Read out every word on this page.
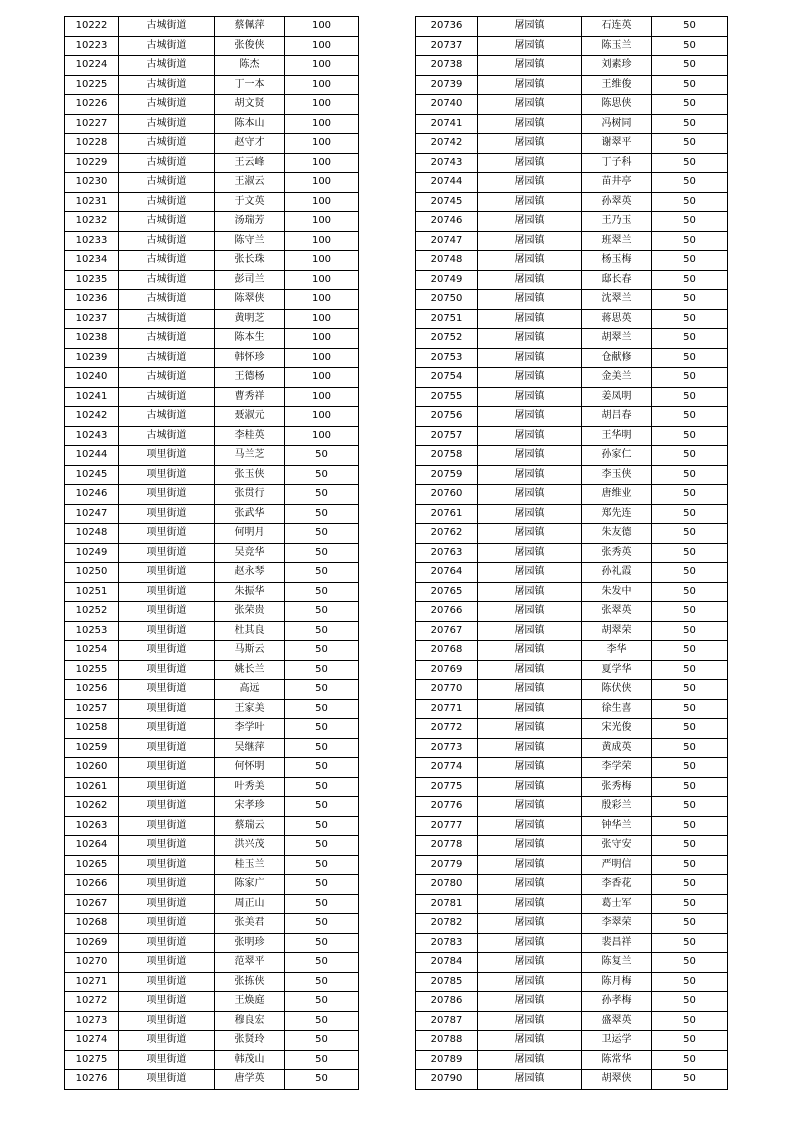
10222	古城街道	蔡佩萍	100
10223	古城街道	张俊侠	100
10224	古城街道	陈杰	100
10225	古城街道	丁一本	100
10226	古城街道	胡文贤	100
10227	古城街道	陈本山	100
10228	古城街道	赵守才	100
10229	古城街道	王云峰	100
10230	古城街道	王淑云	100
10231	古城街道	于文英	100
10232	古城街道	汤瑞芳	100
10233	古城街道	陈守兰	100
10234	古城街道	张长珠	100
10235	古城街道	彭司兰	100
10236	古城街道	陈翠侠	100
10237	古城街道	黄明芝	100
10238	古城街道	陈本生	100
10239	古城街道	韩怀珍	100
10240	古城街道	王德杨	100
10241	古城街道	曹秀祥	100
10242	古城街道	聂淑元	100
10243	古城街道	李桂英	100
10244	项里街道	马兰芝	50
10245	项里街道	张玉侠	50
10246	项里街道	张贯行	50
10247	项里街道	张武华	50
10248	项里街道	何明月	50
10249	项里街道	吴竞华	50
10250	项里街道	赵永琴	50
10251	项里街道	朱振华	50
10252	项里街道	张荣贵	50
10253	项里街道	杜其良	50
10254	项里街道	马斯云	50
10255	项里街道	姚长兰	50
10256	项里街道	高远	50
10257	项里街道	王家美	50
10258	项里街道	李学叶	50
10259	项里街道	吴继萍	50
10260	项里街道	何怀明	50
10261	项里街道	叶秀美	50
10262	项里街道	宋孝珍	50
10263	项里街道	蔡瑞云	50
10264	项里街道	洪兴茂	50
10265	项里街道	桂玉兰	50
10266	项里街道	陈家广	50
10267	项里街道	周正山	50
10268	项里街道	张美君	50
10269	项里街道	张明珍	50
10270	项里街道	范翠平	50
10271	项里街道	张拣侠	50
10272	项里街道	王焕庭	50
10273	项里街道	穆良宏	50
10274	项里街道	张贤玲	50
10275	项里街道	韩茂山	50
10276	项里街道	唐学英	50
20736	屠园镇	石连英	50
20737	屠园镇	陈玉兰	50
20738	屠园镇	刘素珍	50
20739	屠园镇	王维俊	50
20740	屠园镇	陈思侠	50
20741	屠园镇	冯树同	50
20742	屠园镇	谢翠平	50
20743	屠园镇	丁子科	50
20744	屠园镇	苗井亭	50
20745	屠园镇	孙翠英	50
20746	屠园镇	王乃玉	50
20747	屠园镇	班翠兰	50
20748	屠园镇	杨玉梅	50
20749	屠园镇	邸长春	50
20750	屠园镇	沈翠兰	50
20751	屠园镇	蒋思英	50
20752	屠园镇	胡翠兰	50
20753	屠园镇	仓献修	50
20754	屠园镇	金美兰	50
20755	屠园镇	姜凤明	50
20756	屠园镇	胡吕春	50
20757	屠园镇	王华明	50
20758	屠园镇	孙家仁	50
20759	屠园镇	李玉侠	50
20760	屠园镇	唐维业	50
20761	屠园镇	郑先连	50
20762	屠园镇	朱友德	50
20763	屠园镇	张秀英	50
20764	屠园镇	孙礼霞	50
20765	屠园镇	朱发中	50
20766	屠园镇	张翠英	50
20767	屠园镇	胡翠荣	50
20768	屠园镇	李华	50
20769	屠园镇	夏学华	50
20770	屠园镇	陈伏侠	50
20771	屠园镇	徐生喜	50
20772	屠园镇	宋光俊	50
20773	屠园镇	黄成英	50
20774	屠园镇	李学荣	50
20775	屠园镇	张秀梅	50
20776	屠园镇	殷彩兰	50
20777	屠园镇	钟华兰	50
20778	屠园镇	张守安	50
20779	屠园镇	严明信	50
20780	屠园镇	李香花	50
20781	屠园镇	葛士军	50
20782	屠园镇	李翠荣	50
20783	屠园镇	裴昌祥	50
20784	屠园镇	陈复兰	50
20785	屠园镇	陈月梅	50
20786	屠园镇	孙孝梅	50
20787	屠园镇	盛翠英	50
20788	屠园镇	卫运学	50
20789	屠园镇	陈常华	50
20790	屠园镇	胡翠侠	50
